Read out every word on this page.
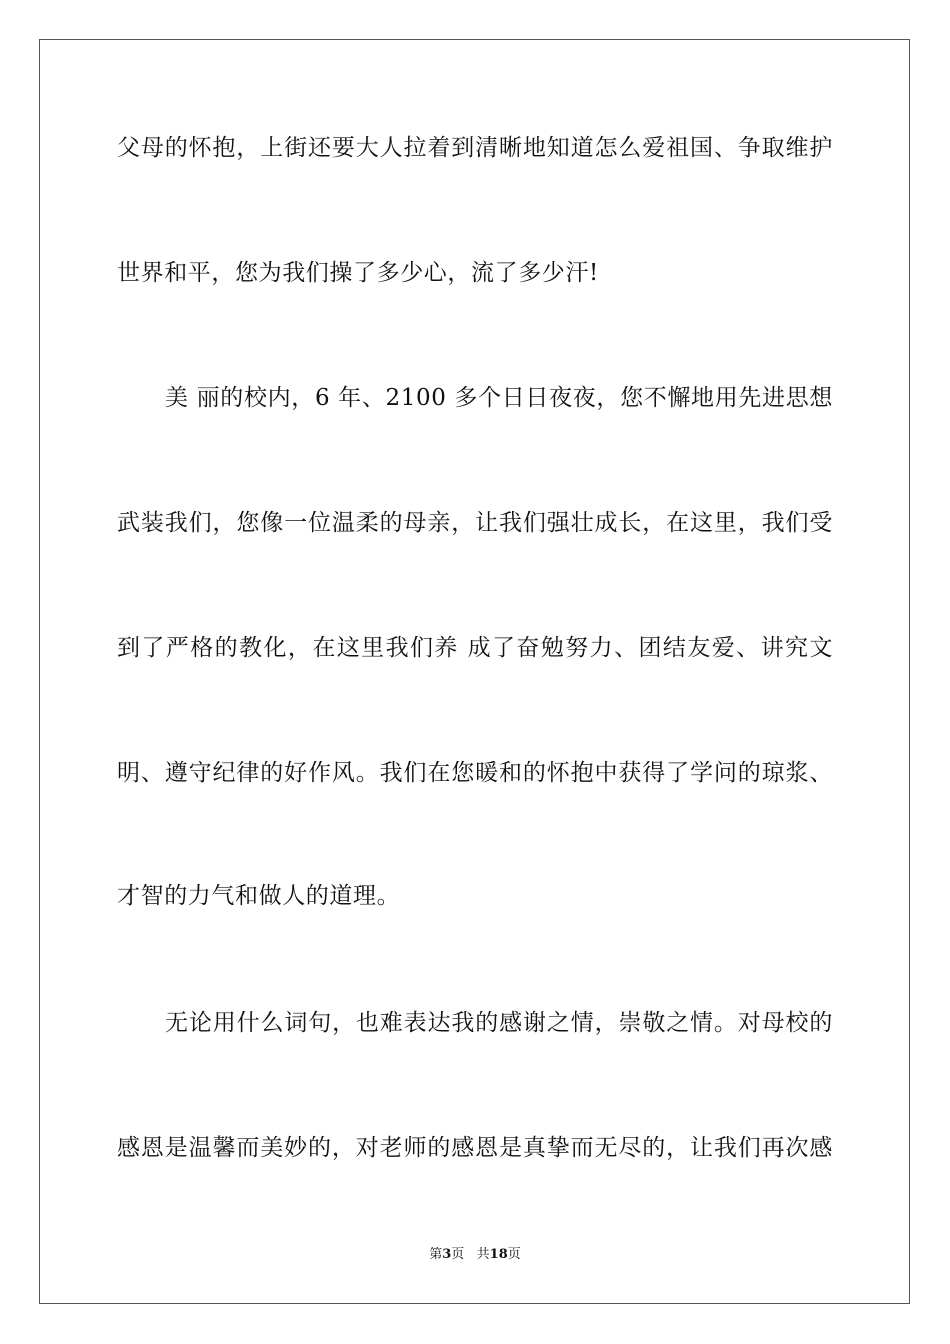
父母的怀抱，上街还要大人拉着到清晰地知道怎么爱祖国、争取维护
世界和平，您为我们操了多少心，流了多少汗!
美 丽的校内，6 年、2100 多个日日夜夜，您不懈地用先进思想
武装我们，您像一位温柔的母亲，让我们强壮成长，在这里，我们受
到了严格的教化，在这里我们养 成了奋勉努力、团结友爱、讲究文
明、遵守纪律的好作风。我们在您暖和的怀抱中获得了学问的琼浆、
才智的力气和做人的道理。
无论用什么词句，也难表达我的感谢之情，崇敬之情。对母校的
感恩是温馨而美妙的，对老师的感恩是真挚而无尽的，让我们再次感
第3页   共18页
